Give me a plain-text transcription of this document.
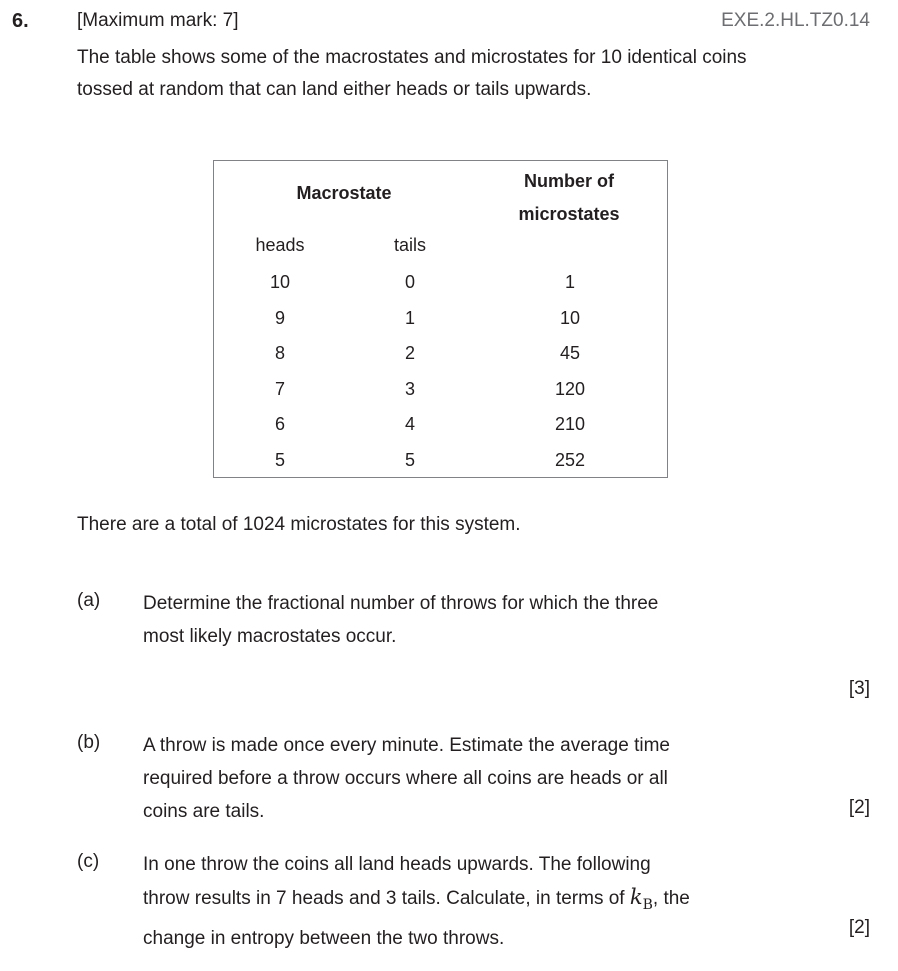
6.	[Maximum mark: 7]	EXE.2.HL.TZ0.14
The table shows some of the macrostates and microstates for 10 identical coins
tossed at random that can land either heads or tails upwards.
Macrostate
Number of
microstates
heads	tails
10	0	1
9	1	10
8	2	45
7	3	120
6	4	210
5	5	252
There are a total of 1024 microstates for this system.
(a) Determine the fractional number of throws for which the three
most likely macrostates occur.
[3]
(b) A throw is made once every minute. Estimate the average time
required before a throw occurs where all coins are heads or all
coins are tails.	[2]
(c) In one throw the coins all land heads upwards. The following
throw results in 7 heads and 3 tails. Calculate, in terms of $k_B$, the
change in entropy between the two throws.
[2]
